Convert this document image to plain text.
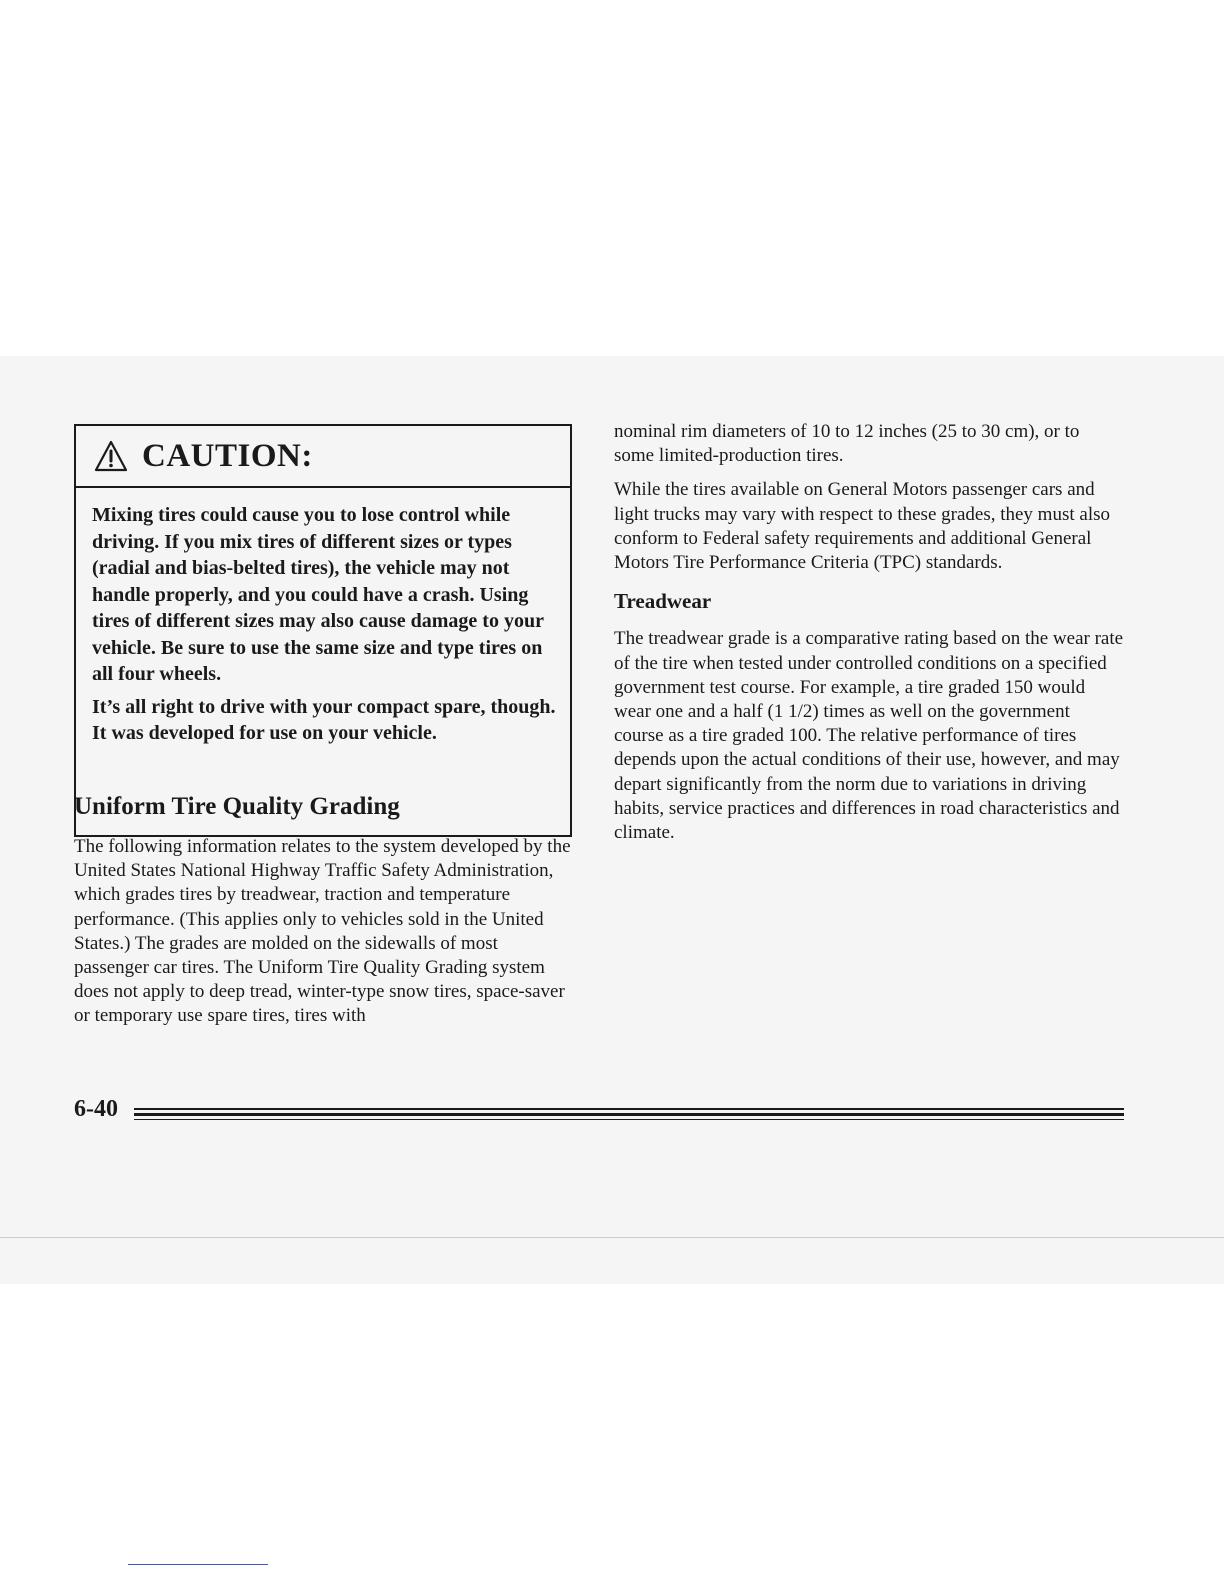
CAUTION:

Mixing tires could cause you to lose control while driving. If you mix tires of different sizes or types (radial and bias-belted tires), the vehicle may not handle properly, and you could have a crash. Using tires of different sizes may also cause damage to your vehicle. Be sure to use the same size and type tires on all four wheels.

It’s all right to drive with your compact spare, though. It was developed for use on your vehicle.

Uniform Tire Quality Grading

The following information relates to the system developed by the United States National Highway Traffic Safety Administration, which grades tires by treadwear, traction and temperature performance. (This applies only to vehicles sold in the United States.) The grades are molded on the sidewalls of most passenger car tires. The Uniform Tire Quality Grading system does not apply to deep tread, winter-type snow tires, space-saver or temporary use spare tires, tires with

nominal rim diameters of 10 to 12 inches (25 to 30 cm), or to some limited-production tires.

While the tires available on General Motors passenger cars and light trucks may vary with respect to these grades, they must also conform to Federal safety requirements and additional General Motors Tire Performance Criteria (TPC) standards.

Treadwear

The treadwear grade is a comparative rating based on the wear rate of the tire when tested under controlled conditions on a specified government test course. For example, a tire graded 150 would wear one and a half (1 1/2) times as well on the government course as a tire graded 100. The relative performance of tires depends upon the actual conditions of their use, however, and may depart significantly from the norm due to variations in driving habits, service practices and differences in road characteristics and climate.

6-40
